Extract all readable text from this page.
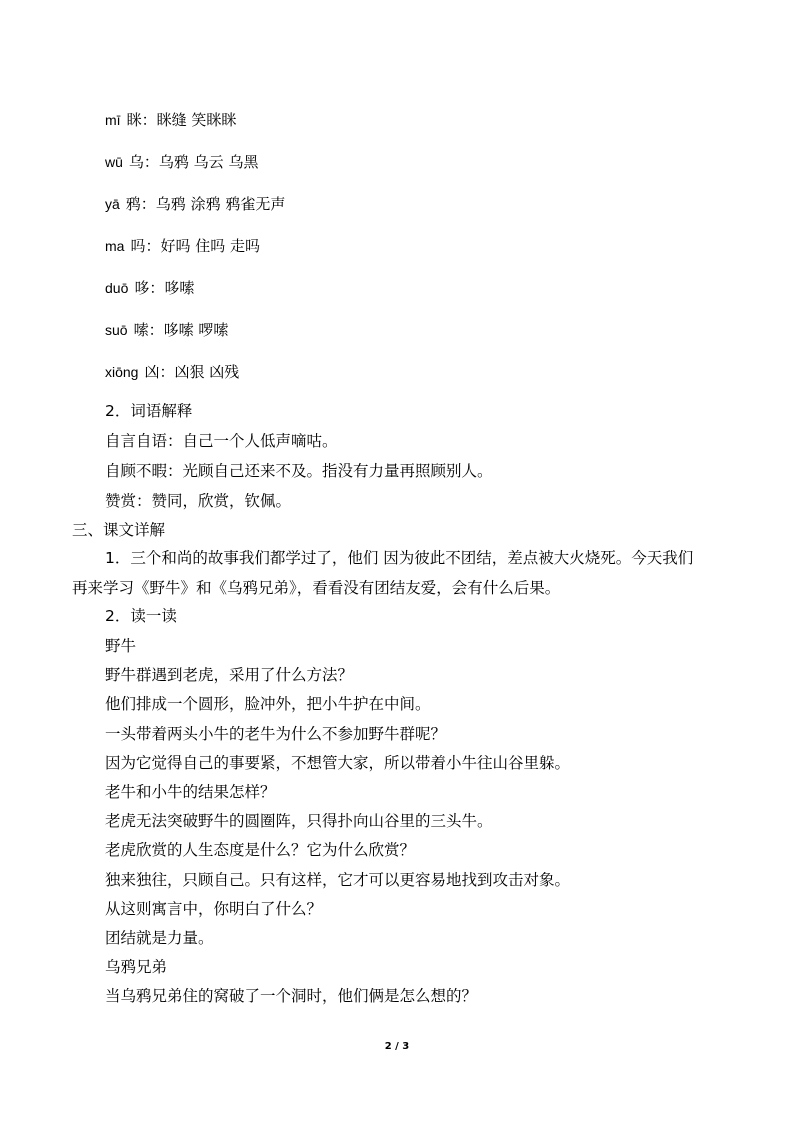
mī 眯：眯缝 笑眯眯
wū 乌：乌鸦 乌云 乌黑
yā 鸦：乌鸦 涂鸦 鸦雀无声
ma 吗：好吗 住吗 走吗
duō 哆：哆嗦
suō 嗦：哆嗦 啰嗦
xiōng 凶：凶狠 凶残
2．词语解释
自言自语：自己一个人低声嘀咕。
自顾不暇：光顾自己还来不及。指没有力量再照顾别人。
赞赏：赞同，欣赏，钦佩。
三、课文详解
1．三个和尚的故事我们都学过了，他们 因为彼此不团结，差点被大火烧死。今天我们
再来学习《野牛》和《乌鸦兄弟》，看看没有团结友爱，会有什么后果。
2．读一读
野牛
野牛群遇到老虎，采用了什么方法？
他们排成一个圆形，脸冲外，把小牛护在中间。
一头带着两头小牛的老牛为什么不参加野牛群呢？
因为它觉得自己的事要紧，不想管大家，所以带着小牛往山谷里躲。
老牛和小牛的结果怎样？
老虎无法突破野牛的圆圈阵，只得扑向山谷里的三头牛。
老虎欣赏的人生态度是什么？它为什么欣赏？
独来独往，只顾自己。只有这样，它才可以更容易地找到攻击对象。
从这则寓言中，你明白了什么？
团结就是力量。
乌鸦兄弟
当乌鸦兄弟住的窝破了一个洞时，他们俩是怎么想的？
2 / 3
